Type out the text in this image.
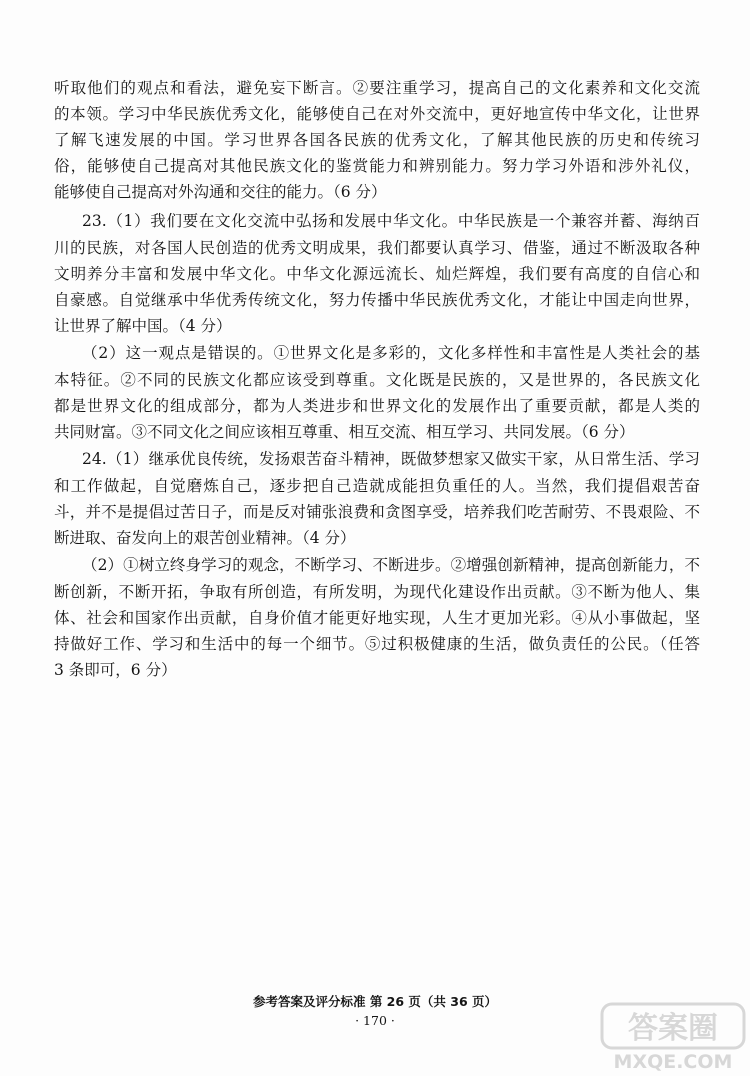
听取他们的观点和看法，避免妄下断言。②要注重学习，提高自己的文化素养和文化交流
的本领。学习中华民族优秀文化，能够使自己在对外交流中，更好地宣传中华文化，让世界
了解飞速发展的中国。学习世界各国各民族的优秀文化，了解其他民族的历史和传统习
俗，能够使自己提高对其他民族文化的鉴赏能力和辨别能力。努力学习外语和涉外礼仪，
能够使自己提高对外沟通和交往的能力。（6 分）
23.（1）我们要在文化交流中弘扬和发展中华文化。中华民族是一个兼容并蓄、海纳百
川的民族，对各国人民创造的优秀文明成果，我们都要认真学习、借鉴，通过不断汲取各种
文明养分丰富和发展中华文化。中华文化源远流长、灿烂辉煌，我们要有高度的自信心和
自豪感。自觉继承中华优秀传统文化，努力传播中华民族优秀文化，才能让中国走向世界，
让世界了解中国。（4 分）
（2）这一观点是错误的。①世界文化是多彩的，文化多样性和丰富性是人类社会的基
本特征。②不同的民族文化都应该受到尊重。文化既是民族的，又是世界的，各民族文化
都是世界文化的组成部分，都为人类进步和世界文化的发展作出了重要贡献，都是人类的
共同财富。③不同文化之间应该相互尊重、相互交流、相互学习、共同发展。（6 分）
24.（1）继承优良传统，发扬艰苦奋斗精神，既做梦想家又做实干家，从日常生活、学习
和工作做起，自觉磨炼自己，逐步把自己造就成能担负重任的人。当然，我们提倡艰苦奋
斗，并不是提倡过苦日子，而是反对铺张浪费和贪图享受，培养我们吃苦耐劳、不畏艰险、不
断进取、奋发向上的艰苦创业精神。（4 分）
（2）①树立终身学习的观念，不断学习、不断进步。②增强创新精神，提高创新能力，不
断创新，不断开拓，争取有所创造，有所发明，为现代化建设作出贡献。③不断为他人、集
体、社会和国家作出贡献，自身价值才能更好地实现，人生才更加光彩。④从小事做起，坚
持做好工作、学习和生活中的每一个细节。⑤过积极健康的生活，做负责任的公民。（任答
3 条即可，6 分）
参考答案及评分标准 第 26 页（共 36 页）
· 170 ·	答案圈
MXQE.COM
